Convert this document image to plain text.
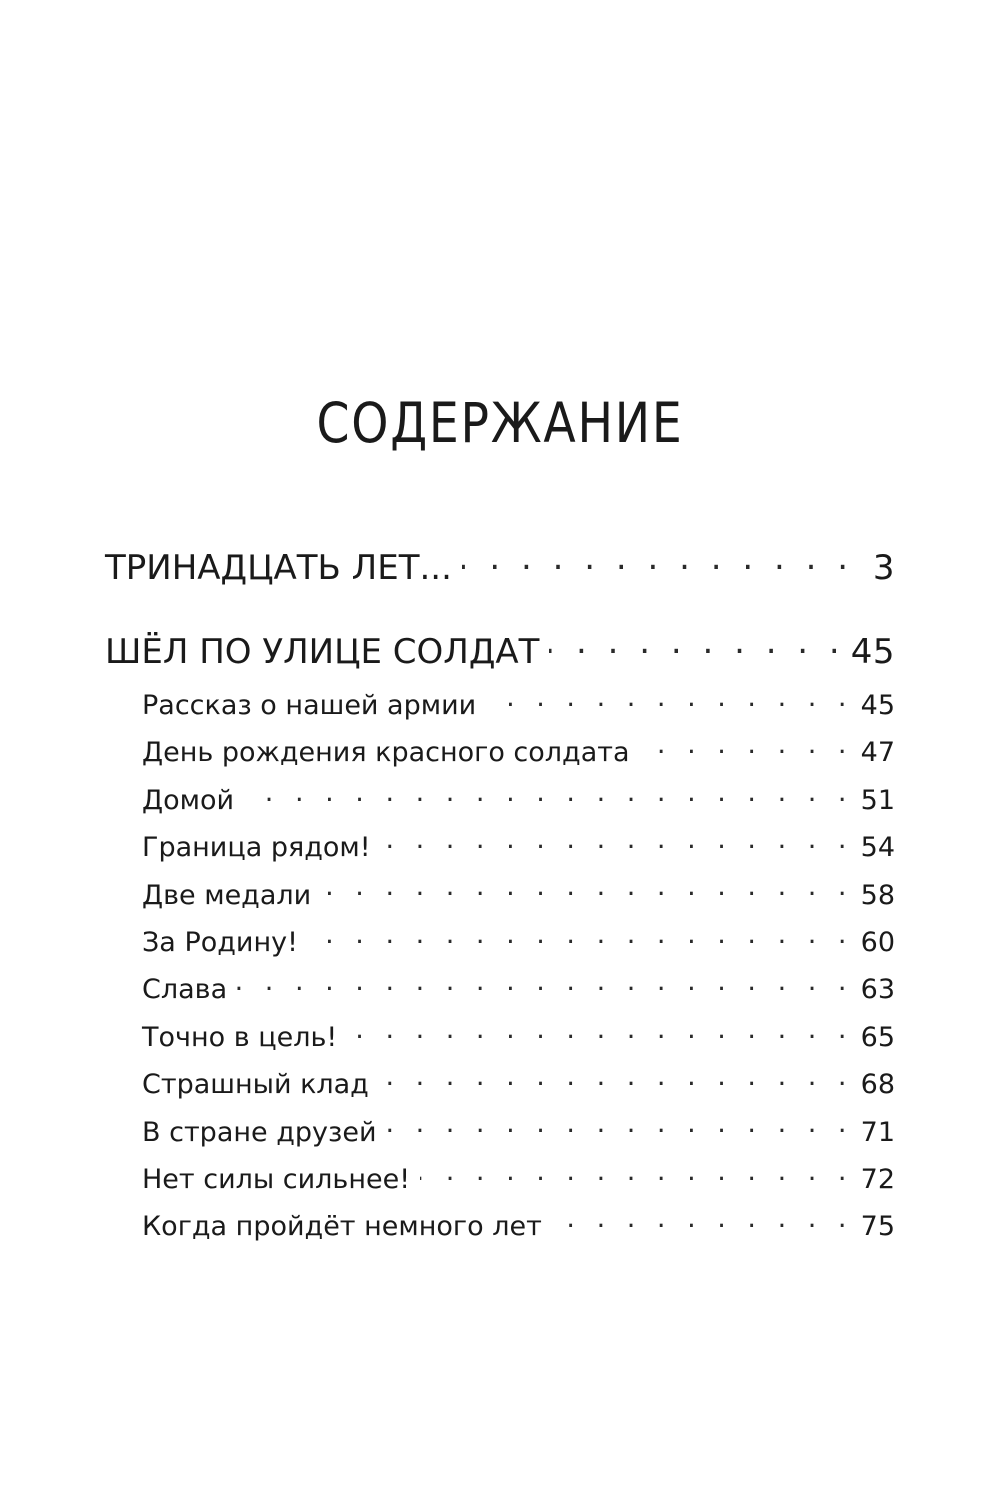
СОДЕРЖАНИЕ
ТРИНАДЦАТЬ ЛЕТ... . . .	3
ШЁЛ ПО УЛИЦЕ СОЛДАТ . . .	45
Рассказ о нашей армии . . .	45
День рождения красного солдата . . .	47
Домой . . .	51
Граница рядом! . . .	54
Две медали . . .	58
За Родину! . . .	60
Слава . . .	63
Точно в цель! . . .	65
Страшный клад . . .	68
В стране друзей . . .	71
Нет силы сильнее! . . .	72
Когда пройдёт немного лет . . .	75
